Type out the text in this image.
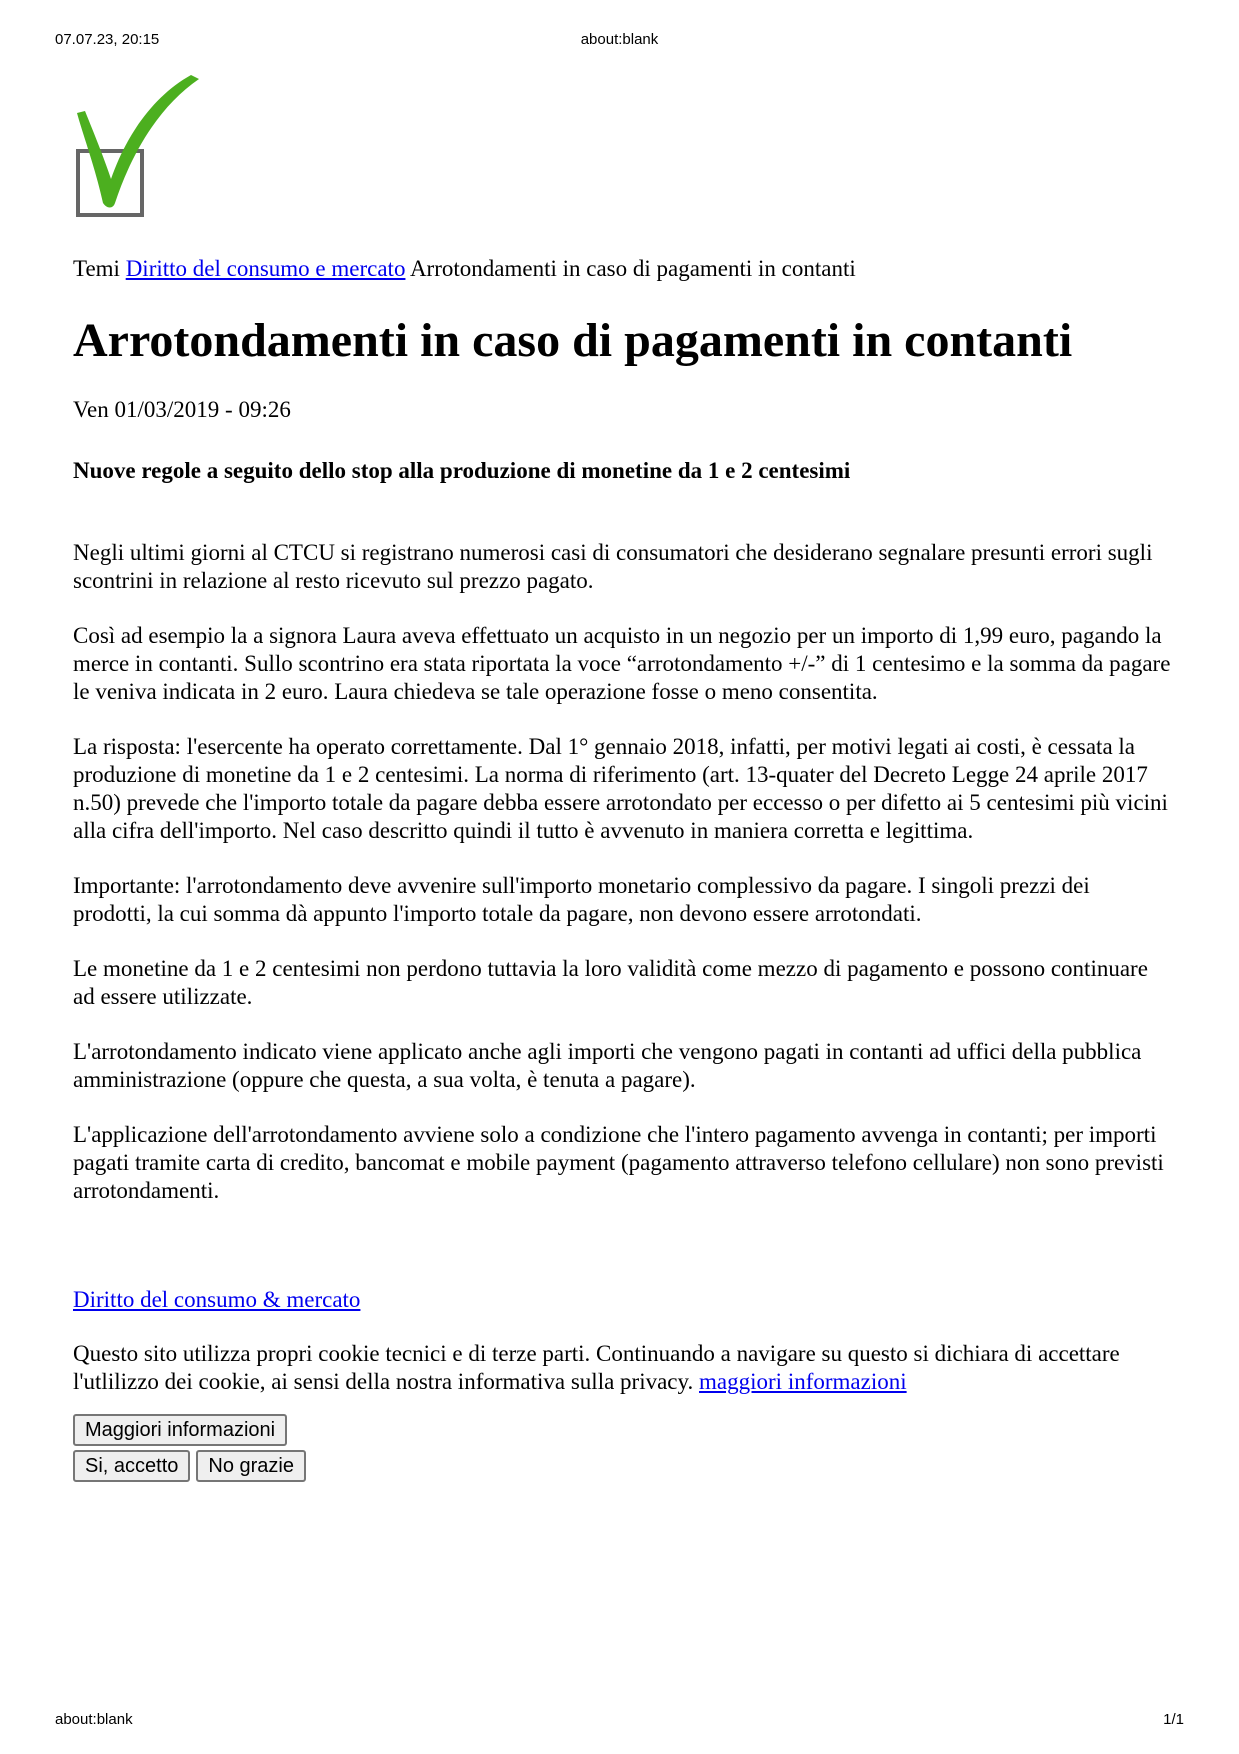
07.07.23, 20:15	about:blank
Temi Diritto del consumo e mercato Arrotondamenti in caso di pagamenti in contanti
Arrotondamenti in caso di pagamenti in contanti
Ven 01/03/2019 - 09:26
Nuove regole a seguito dello stop alla produzione di monetine da 1 e 2 centesimi

Negli ultimi giorni al CTCU si registrano numerosi casi di consumatori che desiderano segnalare presunti errori sugli scontrini in relazione al resto ricevuto sul prezzo pagato.

Così ad esempio la a signora Laura aveva effettuato un acquisto in un negozio per un importo di 1,99 euro, pagando la merce in contanti. Sullo scontrino era stata riportata la voce “arrotondamento +/-” di 1 centesimo e la somma da pagare le veniva indicata in 2 euro. Laura chiedeva se tale operazione fosse o meno consentita.

La risposta: l'esercente ha operato correttamente. Dal 1° gennaio 2018, infatti, per motivi legati ai costi, è cessata la produzione di monetine da 1 e 2 centesimi. La norma di riferimento (art. 13-quater del Decreto Legge 24 aprile 2017 n.50) prevede che l'importo totale da pagare debba essere arrotondato per eccesso o per difetto ai 5 centesimi più vicini alla cifra dell'importo. Nel caso descritto quindi il tutto è avvenuto in maniera corretta e legittima.

Importante: l'arrotondamento deve avvenire sull'importo monetario complessivo da pagare. I singoli prezzi dei prodotti, la cui somma dà appunto l'importo totale da pagare, non devono essere arrotondati.

Le monetine da 1 e 2 centesimi non perdono tuttavia la loro validità come mezzo di pagamento e possono continuare ad essere utilizzate.

L'arrotondamento indicato viene applicato anche agli importi che vengono pagati in contanti ad uffici della pubblica amministrazione (oppure che questa, a sua volta, è tenuta a pagare).

L'applicazione dell'arrotondamento avviene solo a condizione che l'intero pagamento avvenga in contanti; per importi pagati tramite carta di credito, bancomat e mobile payment (pagamento attraverso telefono cellulare) non sono previsti arrotondamenti.

Diritto del consumo & mercato
Questo sito utilizza propri cookie tecnici e di terze parti. Continuando a navigare su questo si dichiara di accettare l'utlilizzo dei cookie, ai sensi della nostra informativa sulla privacy. maggiori informazioni
Maggiori informazioni
Si, accetto	No grazie
about:blank	1/1
